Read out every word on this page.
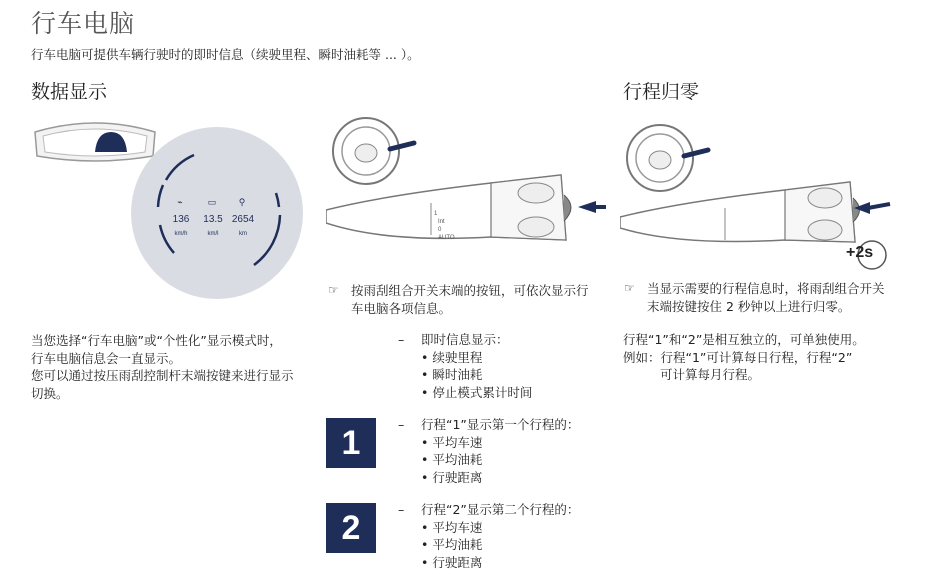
行车电脑
行车电脑可提供车辆行驶时的即时信息（续驶里程、瞬时油耗等 ... ）。
数据显示
⌁	▭ ⚲
136 13.5 2654
km/h	km/l	km
当您选择“行车电脑”或“个性化”显示模式时，
行车电脑信息会一直显示。
您可以通过按压雨刮控制杆末端按键来进行显示
切换。
1
Int
0
AUTO
☞ 按雨刮组合开关末端的按钮，可依次显示行
车电脑各项信息。
– 即时信息显示：
• 续驶里程
• 瞬时油耗
• 停止模式累计时间
1	– 行程“1”显示第一个行程的：
• 平均车速
• 平均油耗
• 行驶距离
2	– 行程“2”显示第二个行程的：
• 平均车速
• 平均油耗
• 行驶距离
行程归零
+2s
☞ 当显示需要的行程信息时，将雨刮组合开关
末端按键按住 2 秒钟以上进行归零。
行程“1”和“2”是相互独立的，可单独使用。
例如：行程“1”可计算每日行程，行程“2”
可计算每月行程。
